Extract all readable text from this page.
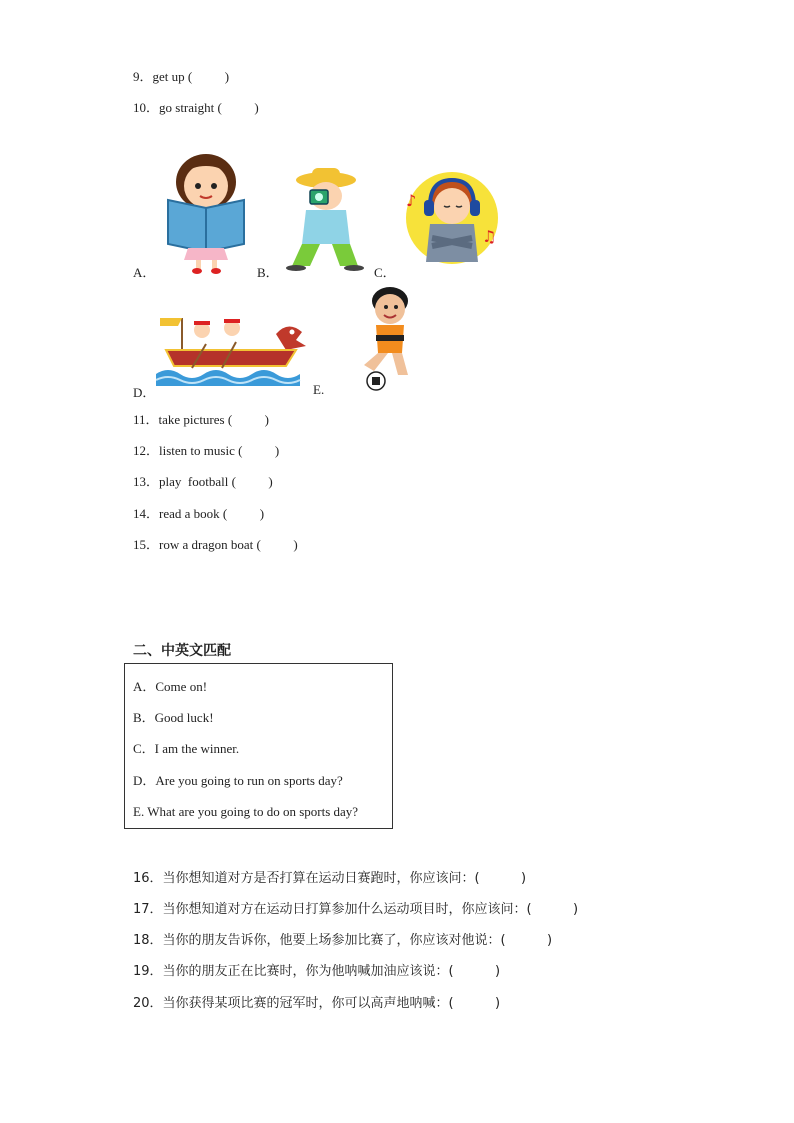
9．get up (          )
10．go straight (          )
A．	B．	C．
♪
♫
D．	E.
11．take pictures (          )
12．listen to music (          )
13．play  football (          )
14．read a book (          )
15．row a dragon boat (          )
二、中英文匹配
A．Come on!
B．Good luck!
C．I am the winner.
D．Are you going to run on sports day?
E. What are you going to do on sports day?
16．当你想知道对方是否打算在运动日赛跑时，你应该问：(          )
17．当你想知道对方在运动日打算参加什么运动项目时，你应该问：(          )
18．当你的朋友告诉你，他要上场参加比赛了，你应该对他说：(          )
19．当你的朋友正在比赛时，你为他呐喊加油应该说：(          )
20．当你获得某项比赛的冠军时，你可以高声地呐喊：(          )
